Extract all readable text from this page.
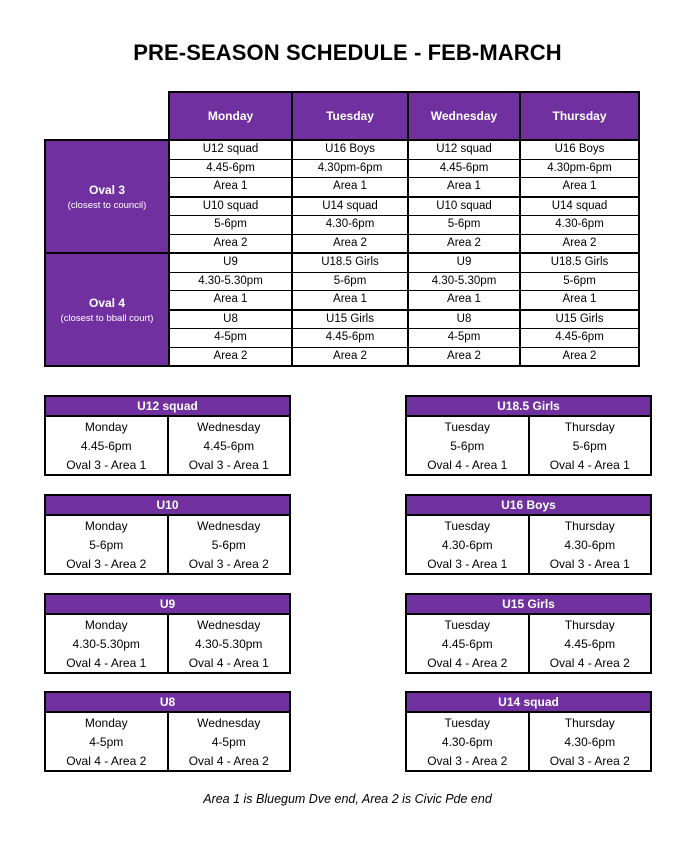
PRE-SEASON SCHEDULE - FEB-MARCH
	Monday	Tuesday	Wednesday	Thursday

Oval 3
(closest to council)	U12 squad	U16 Boys	U12 squad	U16 Boys
	4.45-6pm	4.30pm-6pm	4.45-6pm	4.30pm-6pm
	Area 1	Area 1	Area 1	Area 1
	U10 squad	U14 squad	U10 squad	U14 squad
	5-6pm	4.30-6pm	5-6pm	4.30-6pm
	Area 2	Area 2	Area 2	Area 2

Oval 4
(closest to bball court)	U9	U18.5 Girls	U9	U18.5 Girls
	4.30-5.30pm	5-6pm	4.30-5.30pm	5-6pm
	Area 1	Area 1	Area 1	Area 1
	U8	U15 Girls	U8	U15 Girls
	4-5pm	4.45-6pm	4-5pm	4.45-6pm
	Area 2	Area 2	Area 2	Area 2
U12 squad	
Monday	Wednesday
4.45-6pm	4.45-6pm
Oval 3 - Area 1	Oval 3 - Area 1
U18.5 Girls	
Tuesday	Thursday
5-6pm	5-6pm
Oval 4 - Area 1	Oval 4 - Area 1
U10	
Monday	Wednesday
5-6pm	5-6pm
Oval 3 - Area 2	Oval 3 - Area 2
U16 Boys	
Tuesday	Thursday
4.30-6pm	4.30-6pm
Oval 3 - Area 1	Oval 3 - Area 1
U9	
Monday	Wednesday
4.30-5.30pm	4.30-5.30pm
Oval 4 - Area 1	Oval 4 - Area 1
U15 Girls	
Tuesday	Thursday
4.45-6pm	4.45-6pm
Oval 4 - Area 2	Oval 4 - Area 2
U8	
Monday	Wednesday
4-5pm	4-5pm
Oval 4 - Area 2	Oval 4 - Area 2
U14 squad	
Tuesday	Thursday
4.30-6pm	4.30-6pm
Oval 3 - Area 2	Oval 3 - Area 2
Area 1 is Bluegum Dve end, Area 2 is Civic Pde end
